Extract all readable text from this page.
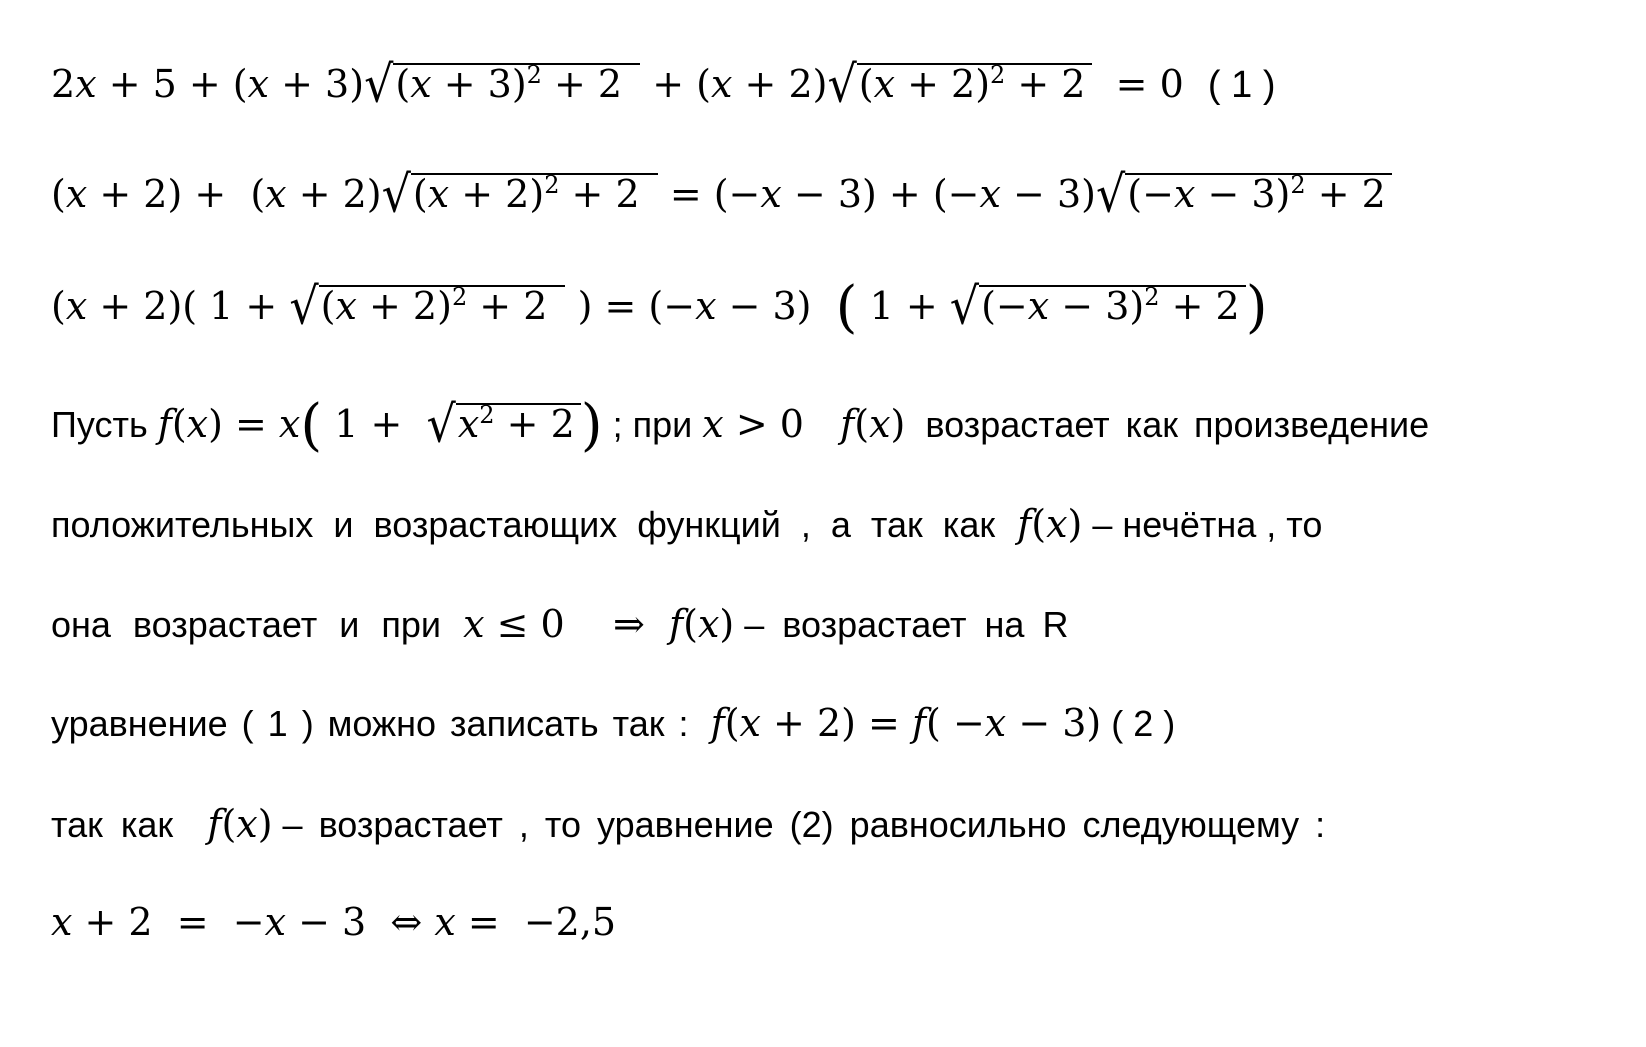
$2x + 5 + (x + 3)√(x + 3)^2 + 2 + (x + 2)√(x + 2)^2 + 2 = 0$  ( 1 )
$(x + 2) + (x + 2)√(x + 2)^2 + 2 = (-x - 3) + (-x - 3)√(-x - 3)^2 + 2$
(x + 2)( $1 + √(x + 2)^2 + 2$  ) = (−x − 3)  ( $1 + √(-x - 3)^2 + 2$ )
Пусть f(x) = x( $1 + √x^2 + 2$ ) ; при x > 0   f(x) возрастает как произведение
положительных и возрастающих функций , а так как f(x) – нечётна , то
она возрастает и при x ≤ 0    ⇒  f(x) – возрастает на R
уравнение ( 1 ) можно записать так : f(x + 2) = f( −x − 3) ( 2 )
так как f(x) – возрастает , то уравнение (2) равносильно следующему :
x + 2  =  −x − 3  ⇔ x =  −2,5
